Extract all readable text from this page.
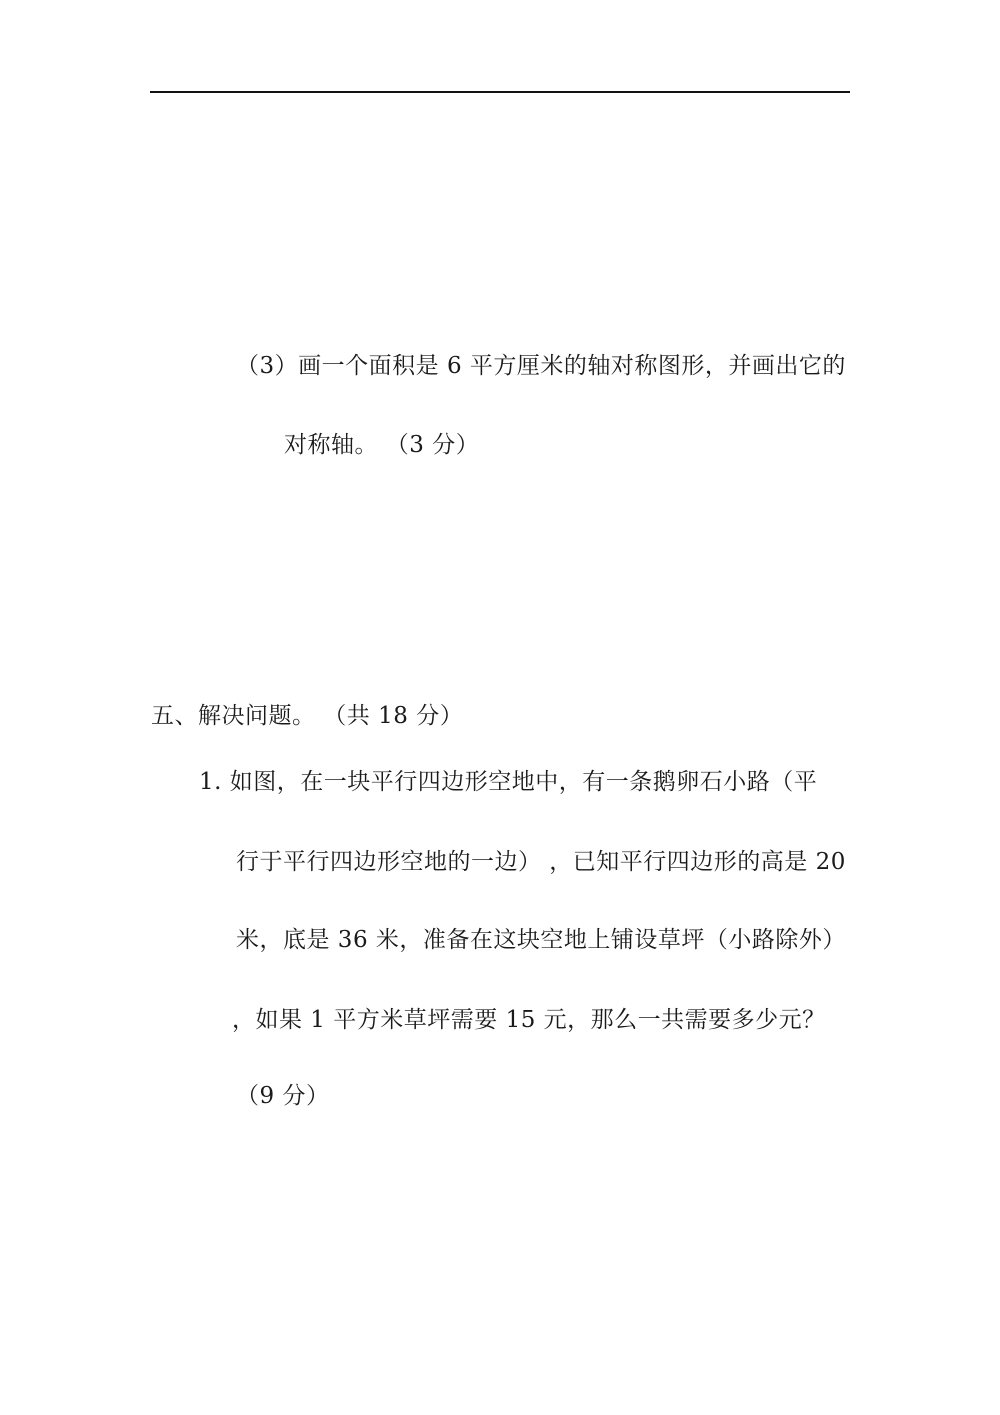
（3）画一个面积是 6 平方厘米的轴对称图形，并画出它的
对称轴。 （3 分）
五、解决问题。 （共 18 分）
1. 如图，在一块平行四边形空地中，有一条鹅卵石小路（平
行于平行四边形空地的一边） ，已知平行四边形的高是 20
米，底是 36 米，准备在这块空地上铺设草坪（小路除外）
，如果 1 平方米草坪需要 15 元，那么一共需要多少元？
（9 分）
